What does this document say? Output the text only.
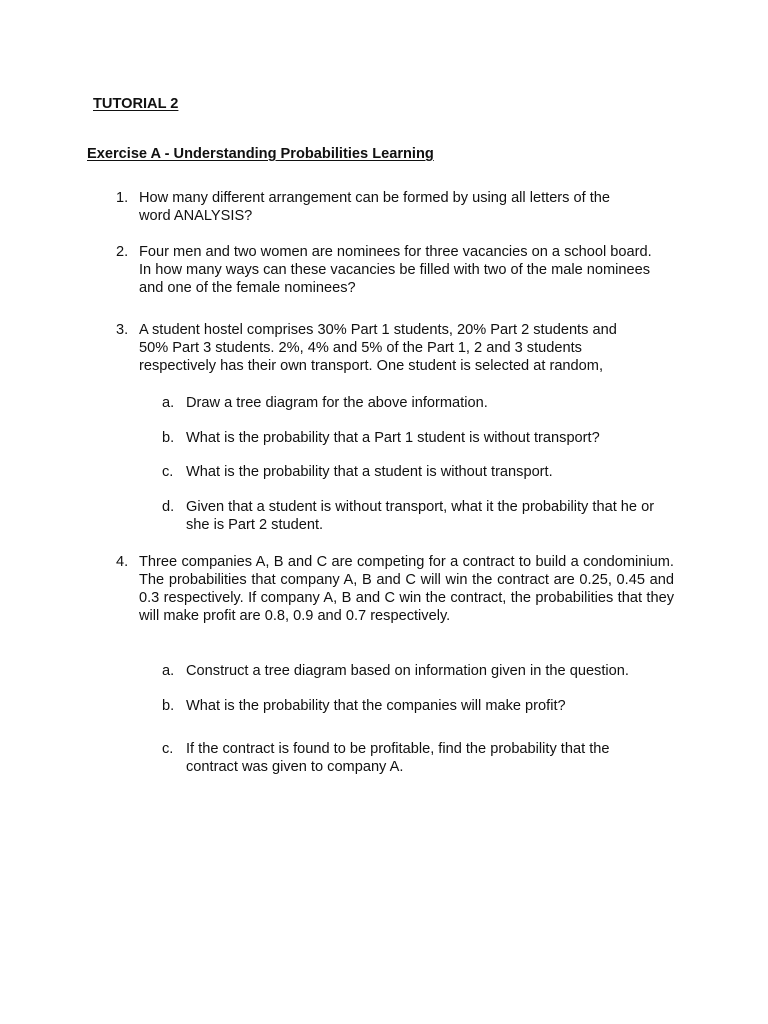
TUTORIAL 2
Exercise A - Understanding Probabilities Learning
1. How many different arrangement can be formed by using all letters of the word ANALYSIS?
2. Four men and two women are nominees for three vacancies on a school board. In how many ways can these vacancies be filled with two of the male nominees and one of the female nominees?
3. A student hostel comprises 30% Part 1 students, 20% Part 2 students and 50% Part 3 students. 2%, 4% and 5% of the Part 1, 2 and 3 students respectively has their own transport. One student is selected at random,
a. Draw a tree diagram for the above information.
b. What is the probability that a Part 1 student is without transport?
c. What is the probability that a student is without transport.
d. Given that a student is without transport, what it the probability that he or she is Part 2 student.
4. Three companies A, B and C are competing for a contract to build a condominium. The probabilities that company A, B and C will win the contract are 0.25, 0.45 and 0.3 respectively. If company A, B and C win the contract, the probabilities that they will make profit are 0.8, 0.9 and 0.7 respectively.
a. Construct a tree diagram based on information given in the question.
b. What is the probability that the companies will make profit?
c. If the contract is found to be profitable, find the probability that the contract was given to company A.
